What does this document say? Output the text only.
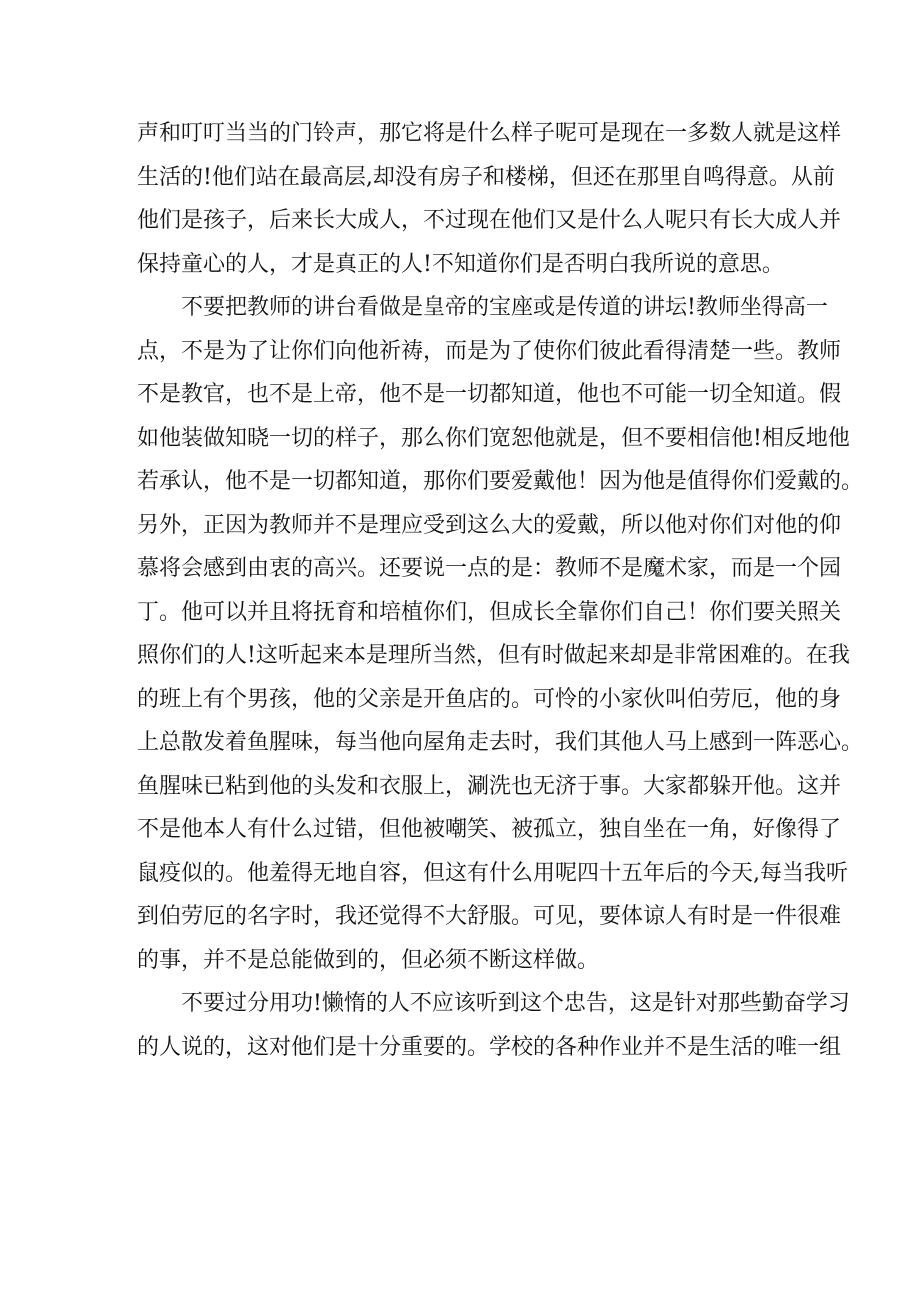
声和叮叮当当的门铃声，那它将是什么样子呢可是现在一多数人就是这样
生活的!他们站在最高层,却没有房子和楼梯，但还在那里自鸣得意。从前
他们是孩子，后来长大成人，不过现在他们又是什么人呢只有长大成人并
保持童心的人，才是真正的人!不知道你们是否明白我所说的意思。
不要把教师的讲台看做是皇帝的宝座或是传道的讲坛!教师坐得高一
点，不是为了让你们向他祈祷，而是为了使你们彼此看得清楚一些。教师
不是教官，也不是上帝，他不是一切都知道，他也不可能一切全知道。假
如他装做知晓一切的样子，那么你们宽恕他就是，但不要相信他!相反地他
若承认，他不是一切都知道，那你们要爱戴他！因为他是值得你们爱戴的。
另外，正因为教师并不是理应受到这么大的爱戴，所以他对你们对他的仰
慕将会感到由衷的高兴。还要说一点的是：教师不是魔术家，而是一个园
丁。他可以并且将抚育和培植你们，但成长全靠你们自己！你们要关照关
照你们的人!这听起来本是理所当然，但有时做起来却是非常困难的。在我
的班上有个男孩，他的父亲是开鱼店的。可怜的小家伙叫伯劳厄，他的身
上总散发着鱼腥味，每当他向屋角走去时，我们其他人马上感到一阵恶心。
鱼腥味已粘到他的头发和衣服上，涮洗也无济于事。大家都躲开他。这并
不是他本人有什么过错，但他被嘲笑、被孤立，独自坐在一角，好像得了
鼠疫似的。他羞得无地自容，但这有什么用呢四十五年后的今天,每当我听
到伯劳厄的名字时，我还觉得不大舒服。可见，要体谅人有时是一件很难
的事，并不是总能做到的，但必须不断这样做。
不要过分用功!懒惰的人不应该听到这个忠告，这是针对那些勤奋学习
的人说的，这对他们是十分重要的。学校的各种作业并不是生活的唯一组
